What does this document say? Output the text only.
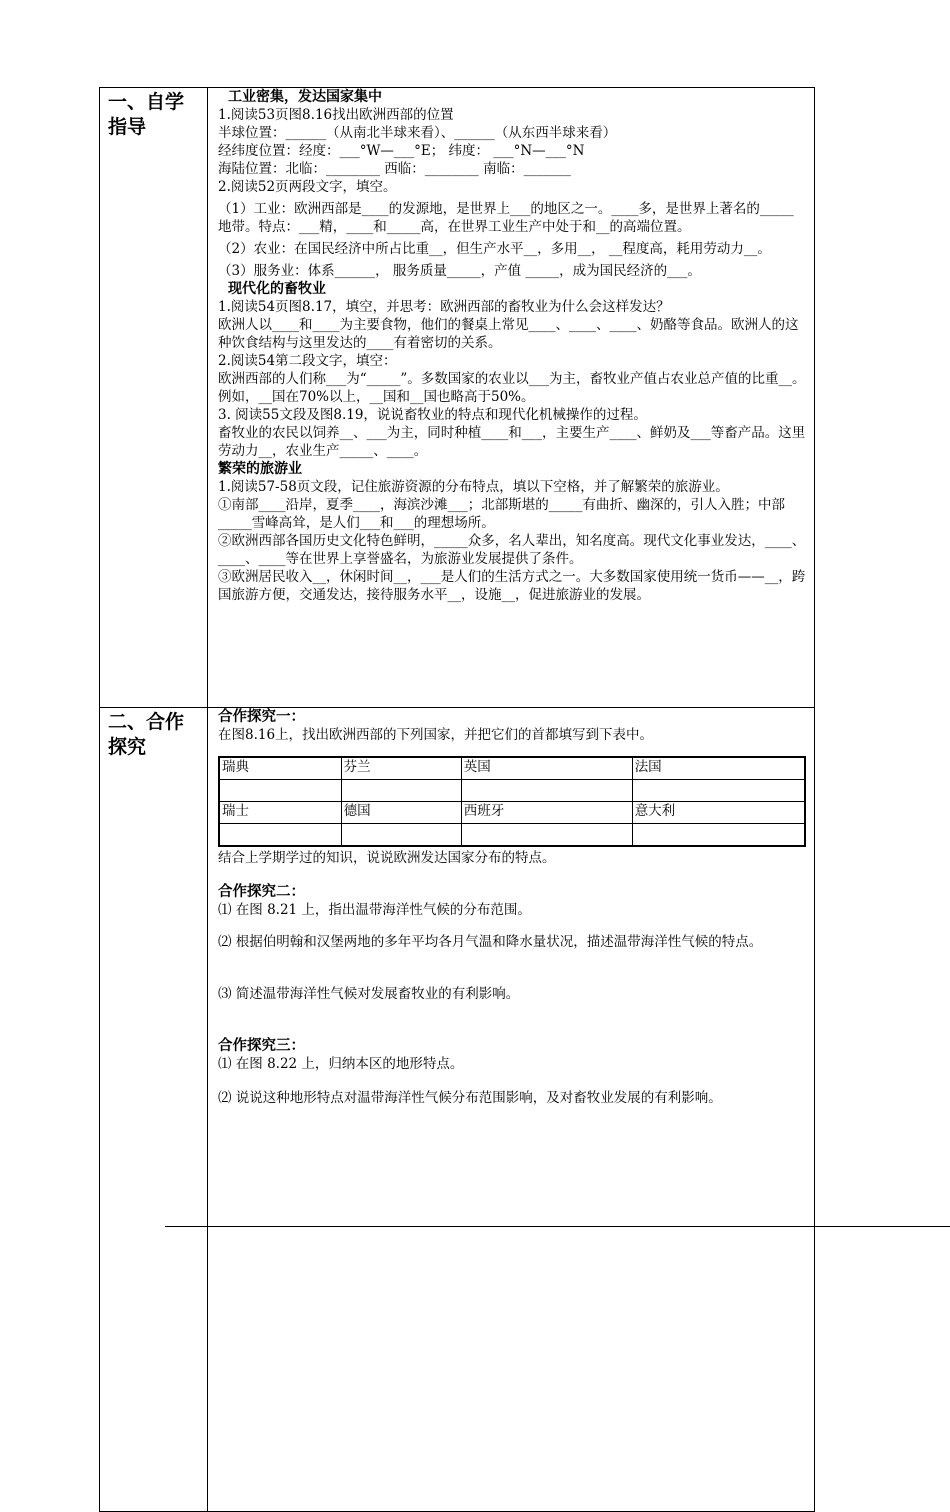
一、自学指导
工业密集，发达国家集中
1.阅读53页图8.16找出欧洲西部的位置
半球位置：______（从南北半球来看）、______（从东西半球来看）
经纬度位置：经度：___°W—___°E； 纬度： ___°N—___°N
海陆位置：北临：________ 西临：________ 南临：_______
2.阅读52页两段文字，填空。
（1）工业：欧洲西部是____的发源地，是世界上___的地区之一。____多，是世界上著名的_____地带。特点：___精，____和_____高，在世界工业生产中处于和__的高端位置。
（2）农业：在国民经济中所占比重__，但生产水平__，多用__， __程度高，耗用劳动力__。
（3）服务业：体系______， 服务质量_____，产值 _____，成为国民经济的___。
现代化的畜牧业
1.阅读54页图8.17，填空，并思考：欧洲西部的畜牧业为什么会这样发达？
欧洲人以____和____为主要食物，他们的餐桌上常见____、____、____、奶酪等食品。欧洲人的这种饮食结构与这里发达的____有着密切的关系。
2.阅读54第二段文字，填空：
欧洲西部的人们称___为“_____”。多数国家的农业以___为主，畜牧业产值占农业总产值的比重__。例如，__国在70%以上，__国和__国也略高于50%。
3. 阅读55文段及图8.19，说说畜牧业的特点和现代化机械操作的过程。
畜牧业的农民以饲养__、___为主，同时种植____和___，主要生产____、鲜奶及___等畜产品。这里劳动力__，农业生产_____、____。
繁荣的旅游业
1.阅读57-58页文段，记住旅游资源的分布特点，填以下空格，并了解繁荣的旅游业。
①南部____沿岸，夏季____，海滨沙滩___；北部斯堪的_____有曲折、幽深的，引人入胜；中部_____雪峰高耸，是人们___和___的理想场所。
②欧洲西部各国历史文化特色鲜明，_____众多，名人辈出，知名度高。现代文化事业发达，____、____、____等在世界上享誉盛名，为旅游业发展提供了条件。
③欧洲居民收入__，休闲时间__，___是人们的生活方式之一。大多数国家使用统一货币——__，跨国旅游方便，交通发达，接待服务水平__，设施__，促进旅游业的发展。
二、合作探究
合作探究一：
在图8.16上，找出欧洲西部的下列国家，并把它们的首都填写到下表中。
瑞典	芬兰	英国	法国

瑞士	德国	西班牙	意大利

结合上学期学过的知识，说说欧洲发达国家分布的特点。
合作探究二：
⑴ 在图 8.21 上，指出温带海洋性气候的分布范围。
⑵ 根据伯明翰和汉堡两地的多年平均各月气温和降水量状况，描述温带海洋性气候的特点。
⑶ 简述温带海洋性气候对发展畜牧业的有利影响。
合作探究三：
⑴ 在图 8.22 上，归纳本区的地形特点。
⑵ 说说这种地形特点对温带海洋性气候分布范围影响，及对畜牧业发展的有利影响。
